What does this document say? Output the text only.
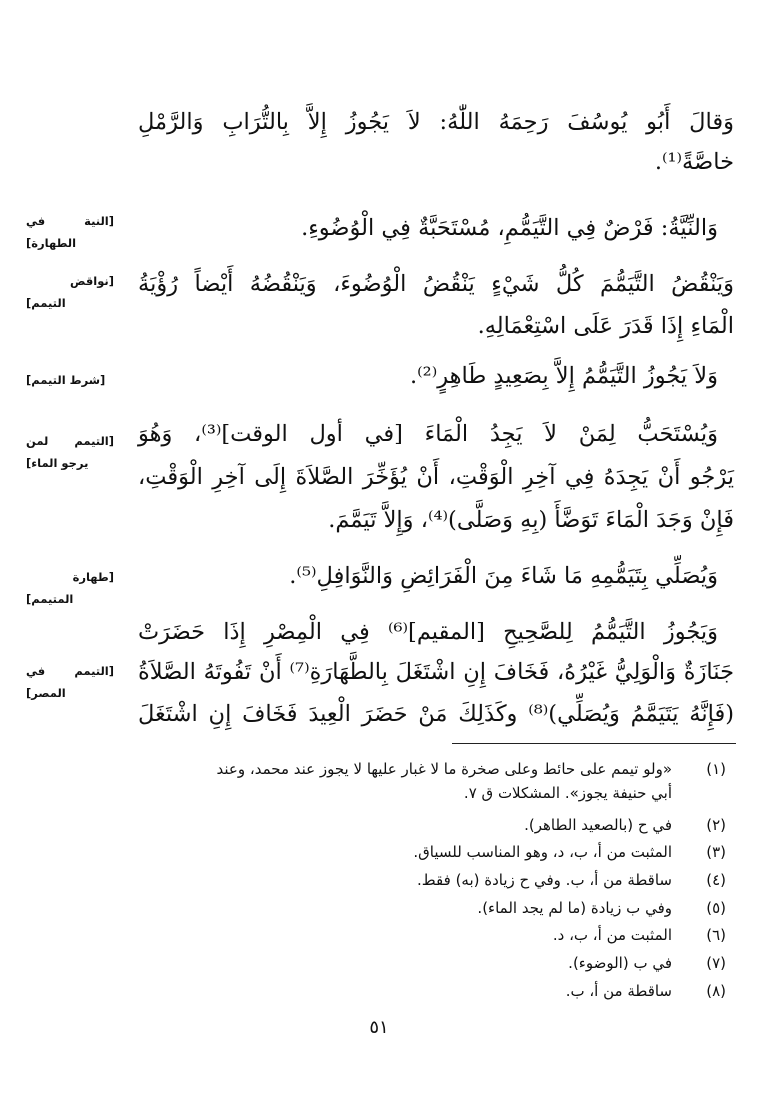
وَقالَ أَبُو يُوسُفَ رَحِمَهُ اللّٰهُ: لاَ يَجُوزُ إِلاَّ بِالتُّرَابِ وَالرَّمْلِ
خاصَّةً⁽¹⁾.
وَالنِّيَّةُ: فَرْضٌ فِي التَّيَمُّمِ، مُسْتَحَبَّةٌ فِي الْوُضُوءِ.
وَيَنْقُضُ التَّيَمُّمَ كُلُّ شَيْءٍ يَنْقُضُ الْوُضُوءَ، وَيَنْقُضُهُ أَيْضاً رُؤْيَةُ
الْمَاءِ إِذَا قَدَرَ عَلَى اسْتِعْمَالِهِ.
وَلاَ يَجُوزُ التَّيَمُّمُ إِلاَّ بِصَعِيدٍ طَاهِرٍ⁽²⁾.
وَيُسْتَحَبُّ لِمَنْ لاَ يَجِدُ الْمَاءَ [في أول الوقت]⁽³⁾، وَهُوَ
يَرْجُو أَنْ يَجِدَهُ فِي آخِرِ الْوَقْتِ، أَنْ يُؤَخِّرَ الصَّلاَةَ إِلَى آخِرِ الْوَقْتِ،
فَإِنْ وَجَدَ الْمَاءَ تَوَضَّأَ (بِهِ وَصَلَّى)⁽⁴⁾، وَإِلاَّ تَيَمَّمَ.
وَيُصَلِّي بِتَيَمُّمِهِ مَا شَاءَ مِنَ الْفَرَائِضِ وَالنَّوَافِلِ⁽⁵⁾.
وَيَجُوزُ التَّيَمُّمُ لِلصَّحِيحِ [المقيم]⁽⁶⁾ فِي الْمِصْرِ إِذَا حَضَرَتْ
جَنَازَةٌ وَالْوَلِيُّ غَيْرُهُ، فَخَافَ إِنِ اشْتَغَلَ بِالطَّهَارَةِ⁽⁷⁾ أَنْ تَفُوتَهُ الصَّلاَةُ
(فَإِنَّهُ يَتَيَمَّمُ وَيُصَلِّي)⁽⁸⁾ وكَذَلِكَ مَنْ حَضَرَ الْعِيدَ فَخَافَ إِنِ اشْتَغَلَ
[النية في
الطهارة]
[نواقض
التيمم]
[شرط التيمم]
[التيمم لمن
يرجو الماء]
[طهارة
المتيمم]
[التيمم في
المصر]
(١)
«ولو تيمم على حائط وعلى صخرة ما لا غبار عليها لا يجوز عند محمد، وعند
أبي حنيفة يجوز». المشكلات ق ٧.
(٢)
في ح (بالصعيد الطاهر).
(٣)
المثبت من أ، ب، د، وهو المناسب للسياق.
(٤)
ساقطة من أ، ب. وفي ح زيادة (به) فقط.
(٥)
وفي ب زيادة (ما لم يجد الماء).
(٦)
المثبت من أ، ب، د.
(٧)
في ب (الوضوء).
(٨)
ساقطة من أ، ب.
٥١
